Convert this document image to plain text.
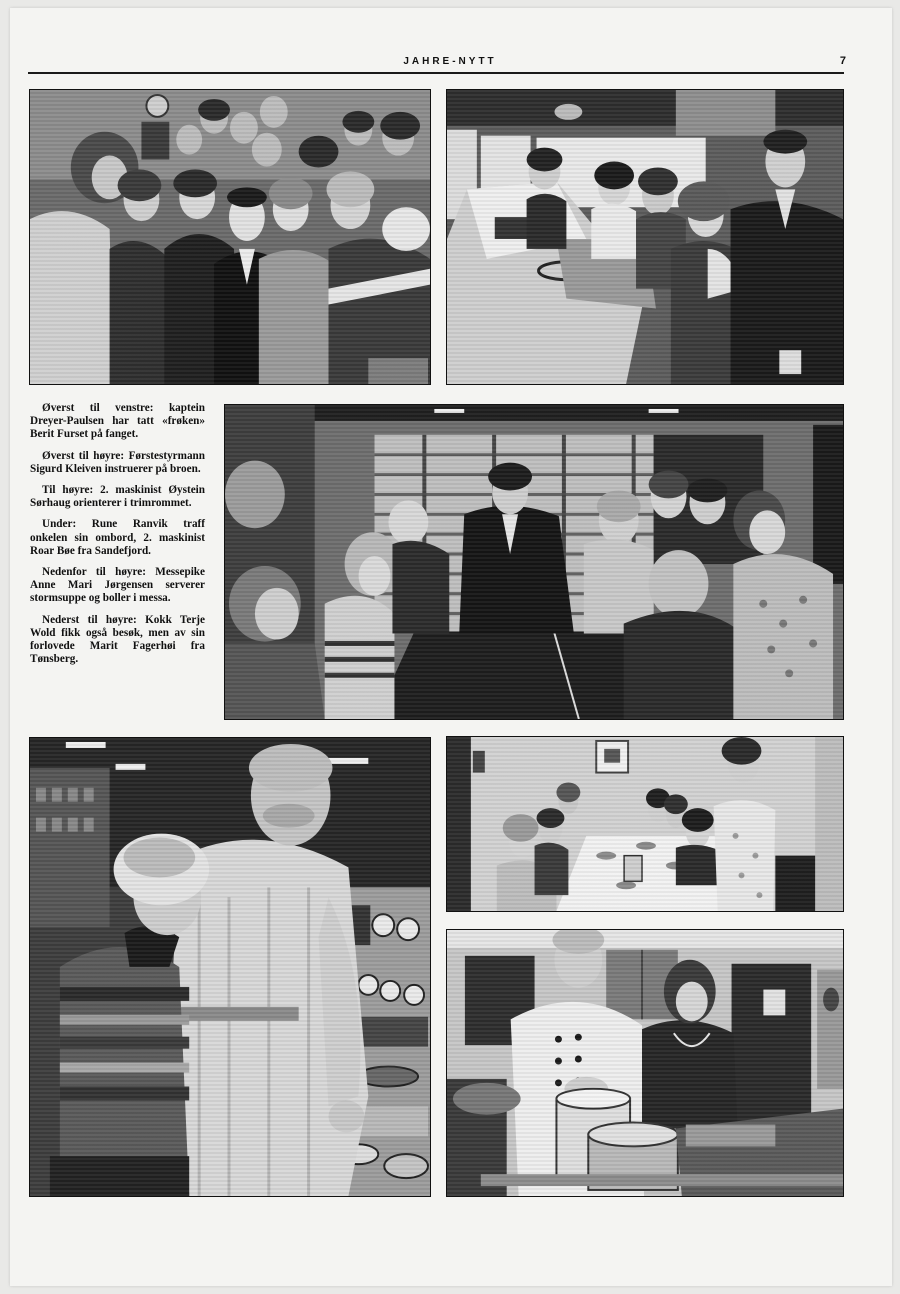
JAHRE-NYTT	7

Øverst til venstre: kaptein Dreyer-Paulsen har tatt «frøken» Berit Furset på fanget.

Øverst til høyre: Førstestyrmann Sigurd Kleiven instruerer på broen.

Til høyre: 2. maskinist Øystein Sørhaug orienterer i trimrommet.

Under: Rune Ranvik traff onkelen sin ombord, 2. maskinist Roar Bøe fra Sandefjord.

Nedenfor til høyre: Messepike Anne Mari Jørgensen serverer stormsuppe og boller i messa.

Nederst til høyre: Kokk Terje Wold fikk også besøk, men av sin forlovede Marit Fagerhøi fra Tønsberg.
